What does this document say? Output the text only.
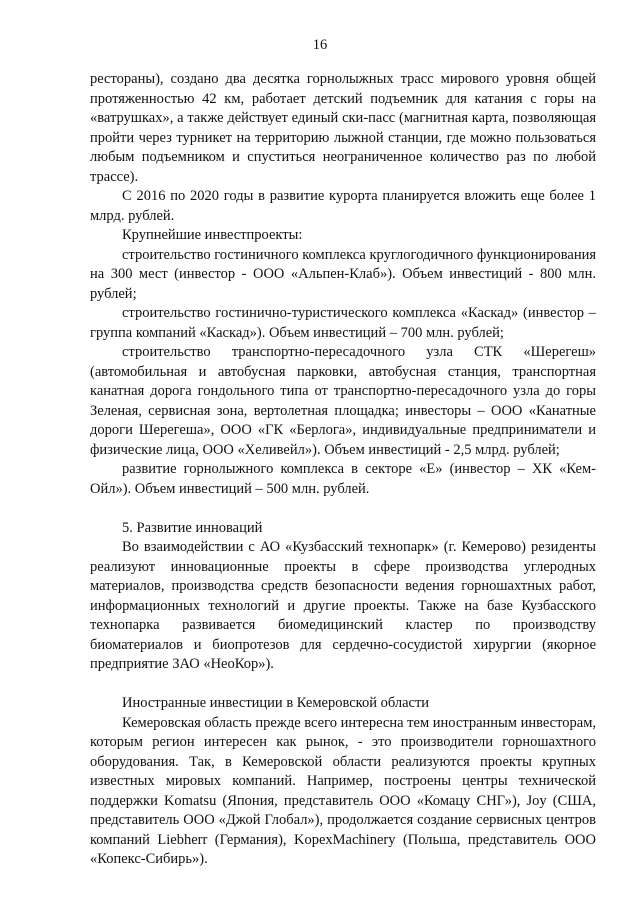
16

рестораны), создано два десятка горнолыжных трасс мирового уровня общей протяженностью 42 км, работает детский подъемник для катания с горы на «ватрушках», а также действует единый ски-пасс (магнитная карта, позволяющая пройти через турникет на территорию лыжной станции, где можно пользоваться любым подъемником и спуститься неограниченное количество раз по любой трассе).

С 2016 по 2020 годы в развитие курорта планируется вложить еще более 1 млрд. рублей.

Крупнейшие инвестпроекты:

строительство гостиничного комплекса круглогодичного функционирования на 300 мест (инвестор - ООО «Альпен-Клаб»). Объем инвестиций - 800 млн. рублей;

строительство гостинично-туристического комплекса «Каскад» (инвестор – группа компаний «Каскад»). Объем инвестиций – 700 млн. рублей;

строительство транспортно-пересадочного узла СТК «Шерегеш» (автомобильная и автобусная парковки, автобусная станция, транспортная канатная дорога гондольного типа от транспортно-пересадочного узла до горы Зеленая, сервисная зона, вертолетная площадка; инвесторы – ООО «Канатные дороги Шерегеша», ООО «ГК «Берлога», индивидуальные предприниматели и физические лица, ООО «Хеливейл»). Объем инвестиций - 2,5 млрд. рублей;

развитие горнолыжного комплекса в секторе «Е» (инвестор – ХК «Кем-Ойл»). Объем инвестиций – 500 млн. рублей.

5. Развитие инноваций

Во взаимодействии с АО «Кузбасский технопарк» (г. Кемерово) резиденты реализуют инновационные проекты в сфере производства углеродных материалов, производства средств безопасности ведения горношахтных работ, информационных технологий и другие проекты. Также на базе Кузбасского технопарка развивается биомедицинский кластер по производству биоматериалов и биопротезов для сердечно-сосудистой хирургии (якорное предприятие ЗАО «НеоКор»).

Иностранные инвестиции в Кемеровской области

Кемеровская область прежде всего интересна тем иностранным инвесторам, которым регион интересен как рынок, - это производители горношахтного оборудования. Так, в Кемеровской области реализуются проекты крупных известных мировых компаний. Например, построены центры технической поддержки Komatsu (Япония, представитель ООО «Комацу СНГ»), Joy (США, представитель ООО «Джой Глобал»), продолжается создание сервисных центров компаний Liebherr (Германия), KopexMachinery (Польша, представитель ООО «Копекс-Сибирь»).
